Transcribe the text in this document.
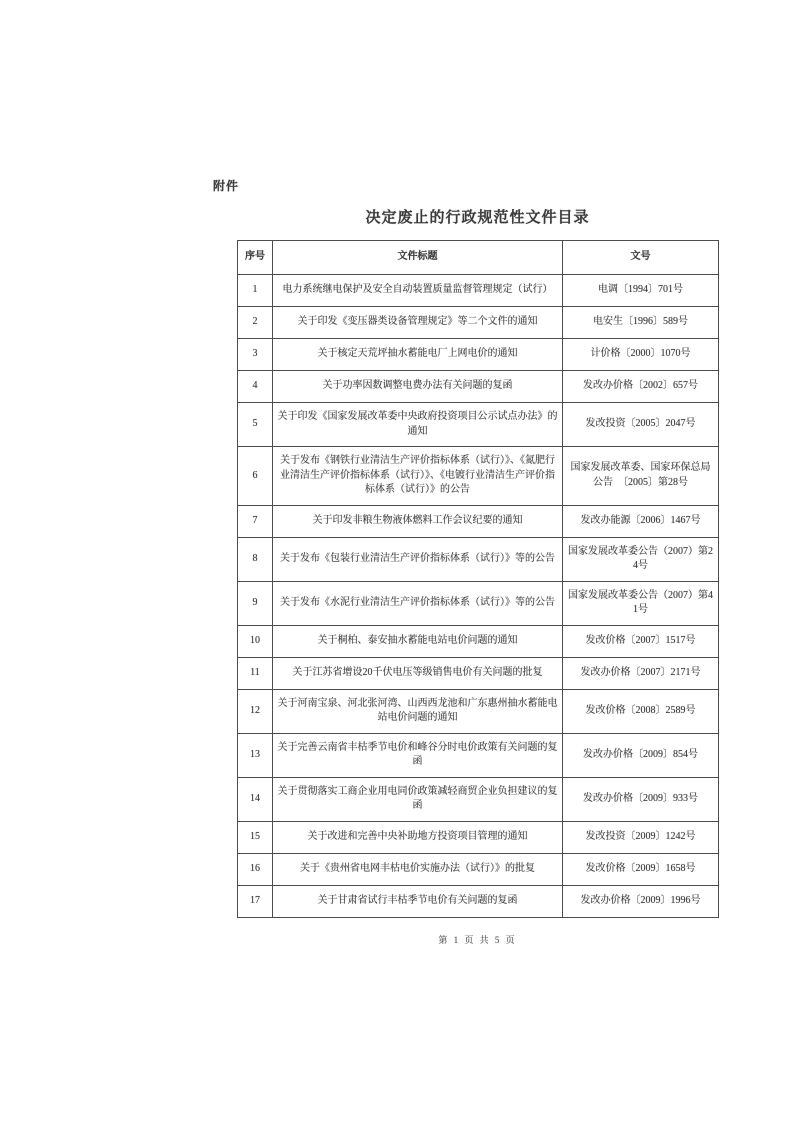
附件
决定废止的行政规范性文件目录
序号	文件标题	文号
1	电力系统继电保护及安全自动装置质量监督管理规定（试行）	电调〔1994〕701号
2	关于印发《变压器类设备管理规定》等二个文件的通知	电安生〔1996〕589号
3	关于核定天荒坪抽水蓄能电厂上网电价的通知	计价格〔2000〕1070号
4	关于功率因数调整电费办法有关问题的复函	发改办价格〔2002〕657号
5	关于印发《国家发展改革委中央政府投资项目公示试点办法》的通知	发改投资〔2005〕2047号
6	关于发布《钢铁行业清洁生产评价指标体系（试行）》、《氮肥行业清洁生产评价指标体系（试行）》、《电镀行业清洁生产评价指标体系（试行）》的公告	国家发展改革委、国家环保总局公告　〔2005〕第28号
7	关于印发非粮生物液体燃料工作会议纪要的通知	发改办能源〔2006〕1467号
8	关于发布《包装行业清洁生产评价指标体系（试行）》等的公告	国家发展改革委公告（2007）第24号
9	关于发布《水泥行业清洁生产评价指标体系（试行）》等的公告	国家发展改革委公告（2007）第41号
10	关于桐柏、泰安抽水蓄能电站电价问题的通知	发改价格〔2007〕1517号
11	关于江苏省增设20千伏电压等级销售电价有关问题的批复	发改办价格〔2007〕2171号
12	关于河南宝泉、河北张河湾、山西西龙池和广东惠州抽水蓄能电站电价问题的通知	发改价格〔2008〕2589号
13	关于完善云南省丰枯季节电价和峰谷分时电价政策有关问题的复函	发改办价格〔2009〕854号
14	关于贯彻落实工商企业用电同价政策减轻商贸企业负担建议的复函	发改办价格〔2009〕933号
15	关于改进和完善中央补助地方投资项目管理的通知	发改投资〔2009〕1242号
16	关于《贵州省电网丰枯电价实施办法（试行）》的批复	发改价格〔2009〕1658号
17	关于甘肃省试行丰枯季节电价有关问题的复函	发改办价格〔2009〕1996号
第 1 页 共 5 页
